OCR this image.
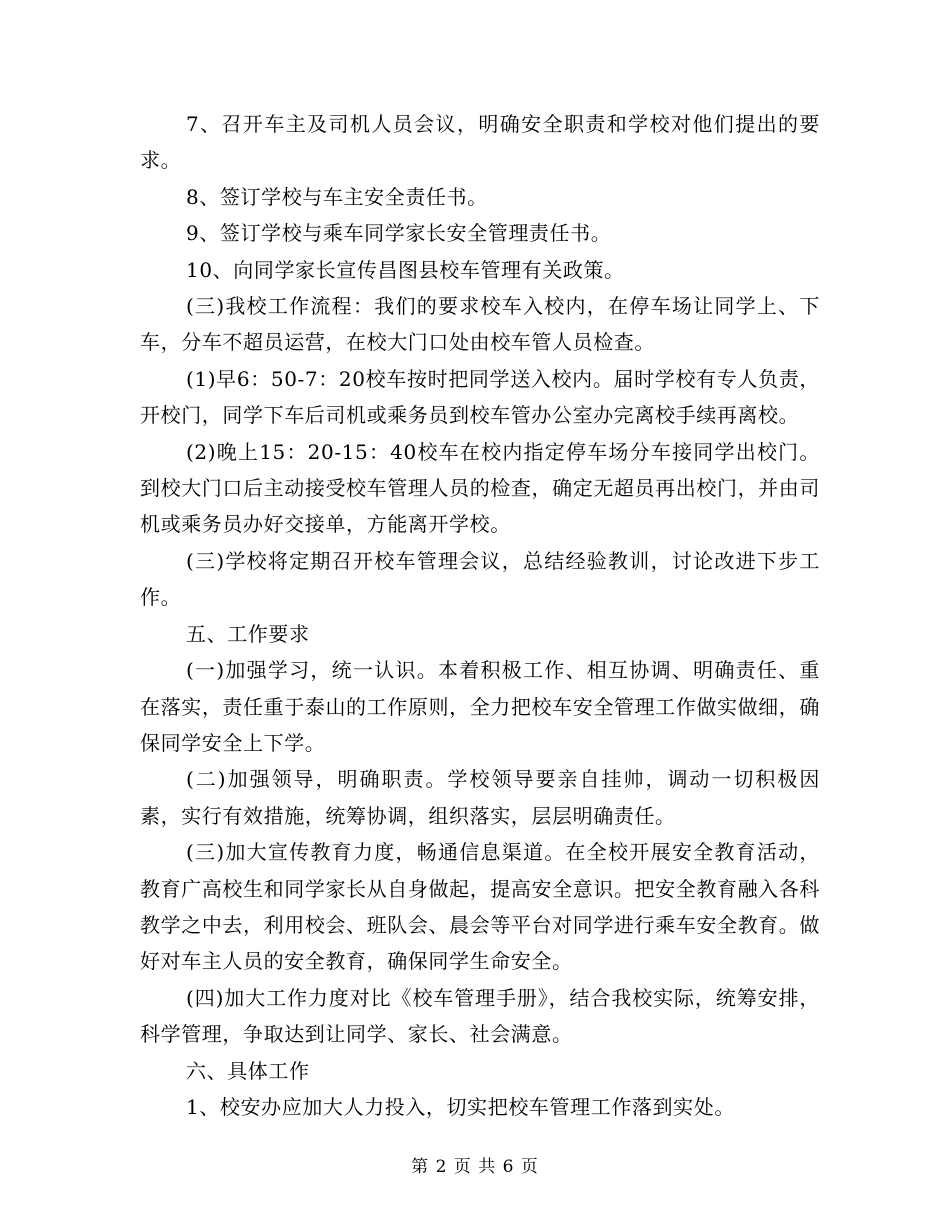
7、召开车主及司机人员会议，明确安全职责和学校对他们提出的要求。

8、签订学校与车主安全责任书。

9、签订学校与乘车同学家长安全管理责任书。

10、向同学家长宣传昌图县校车管理有关政策。

(三)我校工作流程：我们的要求校车入校内，在停车场让同学上、下车，分车不超员运营，在校大门口处由校车管人员检查。

(1)早6：50-7：20校车按时把同学送入校内。届时学校有专人负责，开校门，同学下车后司机或乘务员到校车管办公室办完离校手续再离校。

(2)晚上15：20-15：40校车在校内指定停车场分车接同学出校门。到校大门口后主动接受校车管理人员的检查，确定无超员再出校门，并由司机或乘务员办好交接单，方能离开学校。

(三)学校将定期召开校车管理会议，总结经验教训，讨论改进下步工作。

五、工作要求

(一)加强学习，统一认识。本着积极工作、相互协调、明确责任、重在落实，责任重于泰山的工作原则，全力把校车安全管理工作做实做细，确保同学安全上下学。

(二)加强领导，明确职责。学校领导要亲自挂帅，调动一切积极因素，实行有效措施，统筹协调，组织落实，层层明确责任。

(三)加大宣传教育力度，畅通信息渠道。在全校开展安全教育活动，教育广高校生和同学家长从自身做起，提高安全意识。把安全教育融入各科教学之中去，利用校会、班队会、晨会等平台对同学进行乘车安全教育。做好对车主人员的安全教育，确保同学生命安全。

(四)加大工作力度对比《校车管理手册》，结合我校实际，统筹安排，科学管理，争取达到让同学、家长、社会满意。

六、具体工作

1、校安办应加大人力投入，切实把校车管理工作落到实处。

第 2 页 共 6 页
